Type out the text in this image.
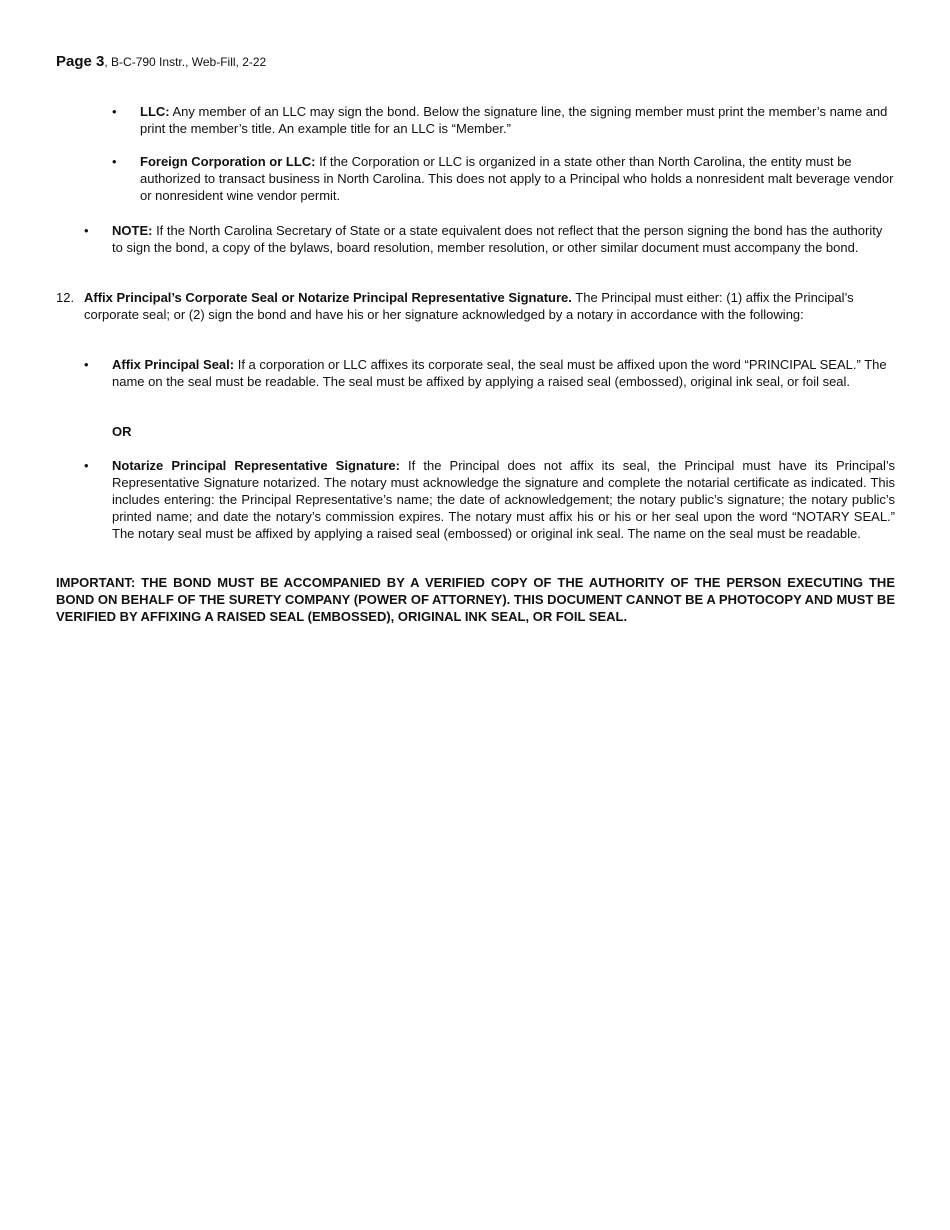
Page 3, B-C-790 Instr., Web-Fill, 2-22
• LLC: Any member of an LLC may sign the bond. Below the signature line, the signing member must print the member’s name and print the member’s title. An example title for an LLC is “Member.”
• Foreign Corporation or LLC: If the Corporation or LLC is organized in a state other than North Carolina, the entity must be authorized to transact business in North Carolina. This does not apply to a Principal who holds a nonresident malt beverage vendor or nonresident wine vendor permit.
• NOTE: If the North Carolina Secretary of State or a state equivalent does not reflect that the person signing the bond has the authority to sign the bond, a copy of the bylaws, board resolution, member resolution, or other similar document must accompany the bond.
12. Affix Principal’s Corporate Seal or Notarize Principal Representative Signature. The Principal must either: (1) affix the Principal’s corporate seal; or (2) sign the bond and have his or her signature acknowledged by a notary in accordance with the following:
• Affix Principal Seal: If a corporation or LLC affixes its corporate seal, the seal must be affixed upon the word “PRINCIPAL SEAL.” The name on the seal must be readable. The seal must be affixed by applying a raised seal (embossed), original ink seal, or foil seal.
OR
• Notarize Principal Representative Signature: If the Principal does not affix its seal, the Principal must have its Principal’s Representative Signature notarized. The notary must acknowledge the signature and complete the notarial certificate as indicated. This includes entering: the Principal Representative’s name; the date of acknowledgement; the notary public’s signature; the notary public’s printed name; and date the notary’s commission expires. The notary must affix his or his or her seal upon the word “NOTARY SEAL.” The notary seal must be affixed by applying a raised seal (embossed) or original ink seal. The name on the seal must be readable.
IMPORTANT: THE BOND MUST BE ACCOMPANIED BY A VERIFIED COPY OF THE AUTHORITY OF THE PERSON EXECUTING THE BOND ON BEHALF OF THE SURETY COMPANY (POWER OF ATTORNEY). THIS DOCUMENT CANNOT BE A PHOTOCOPY AND MUST BE VERIFIED BY AFFIXING A RAISED SEAL (EMBOSSED), ORIGINAL INK SEAL, OR FOIL SEAL.
